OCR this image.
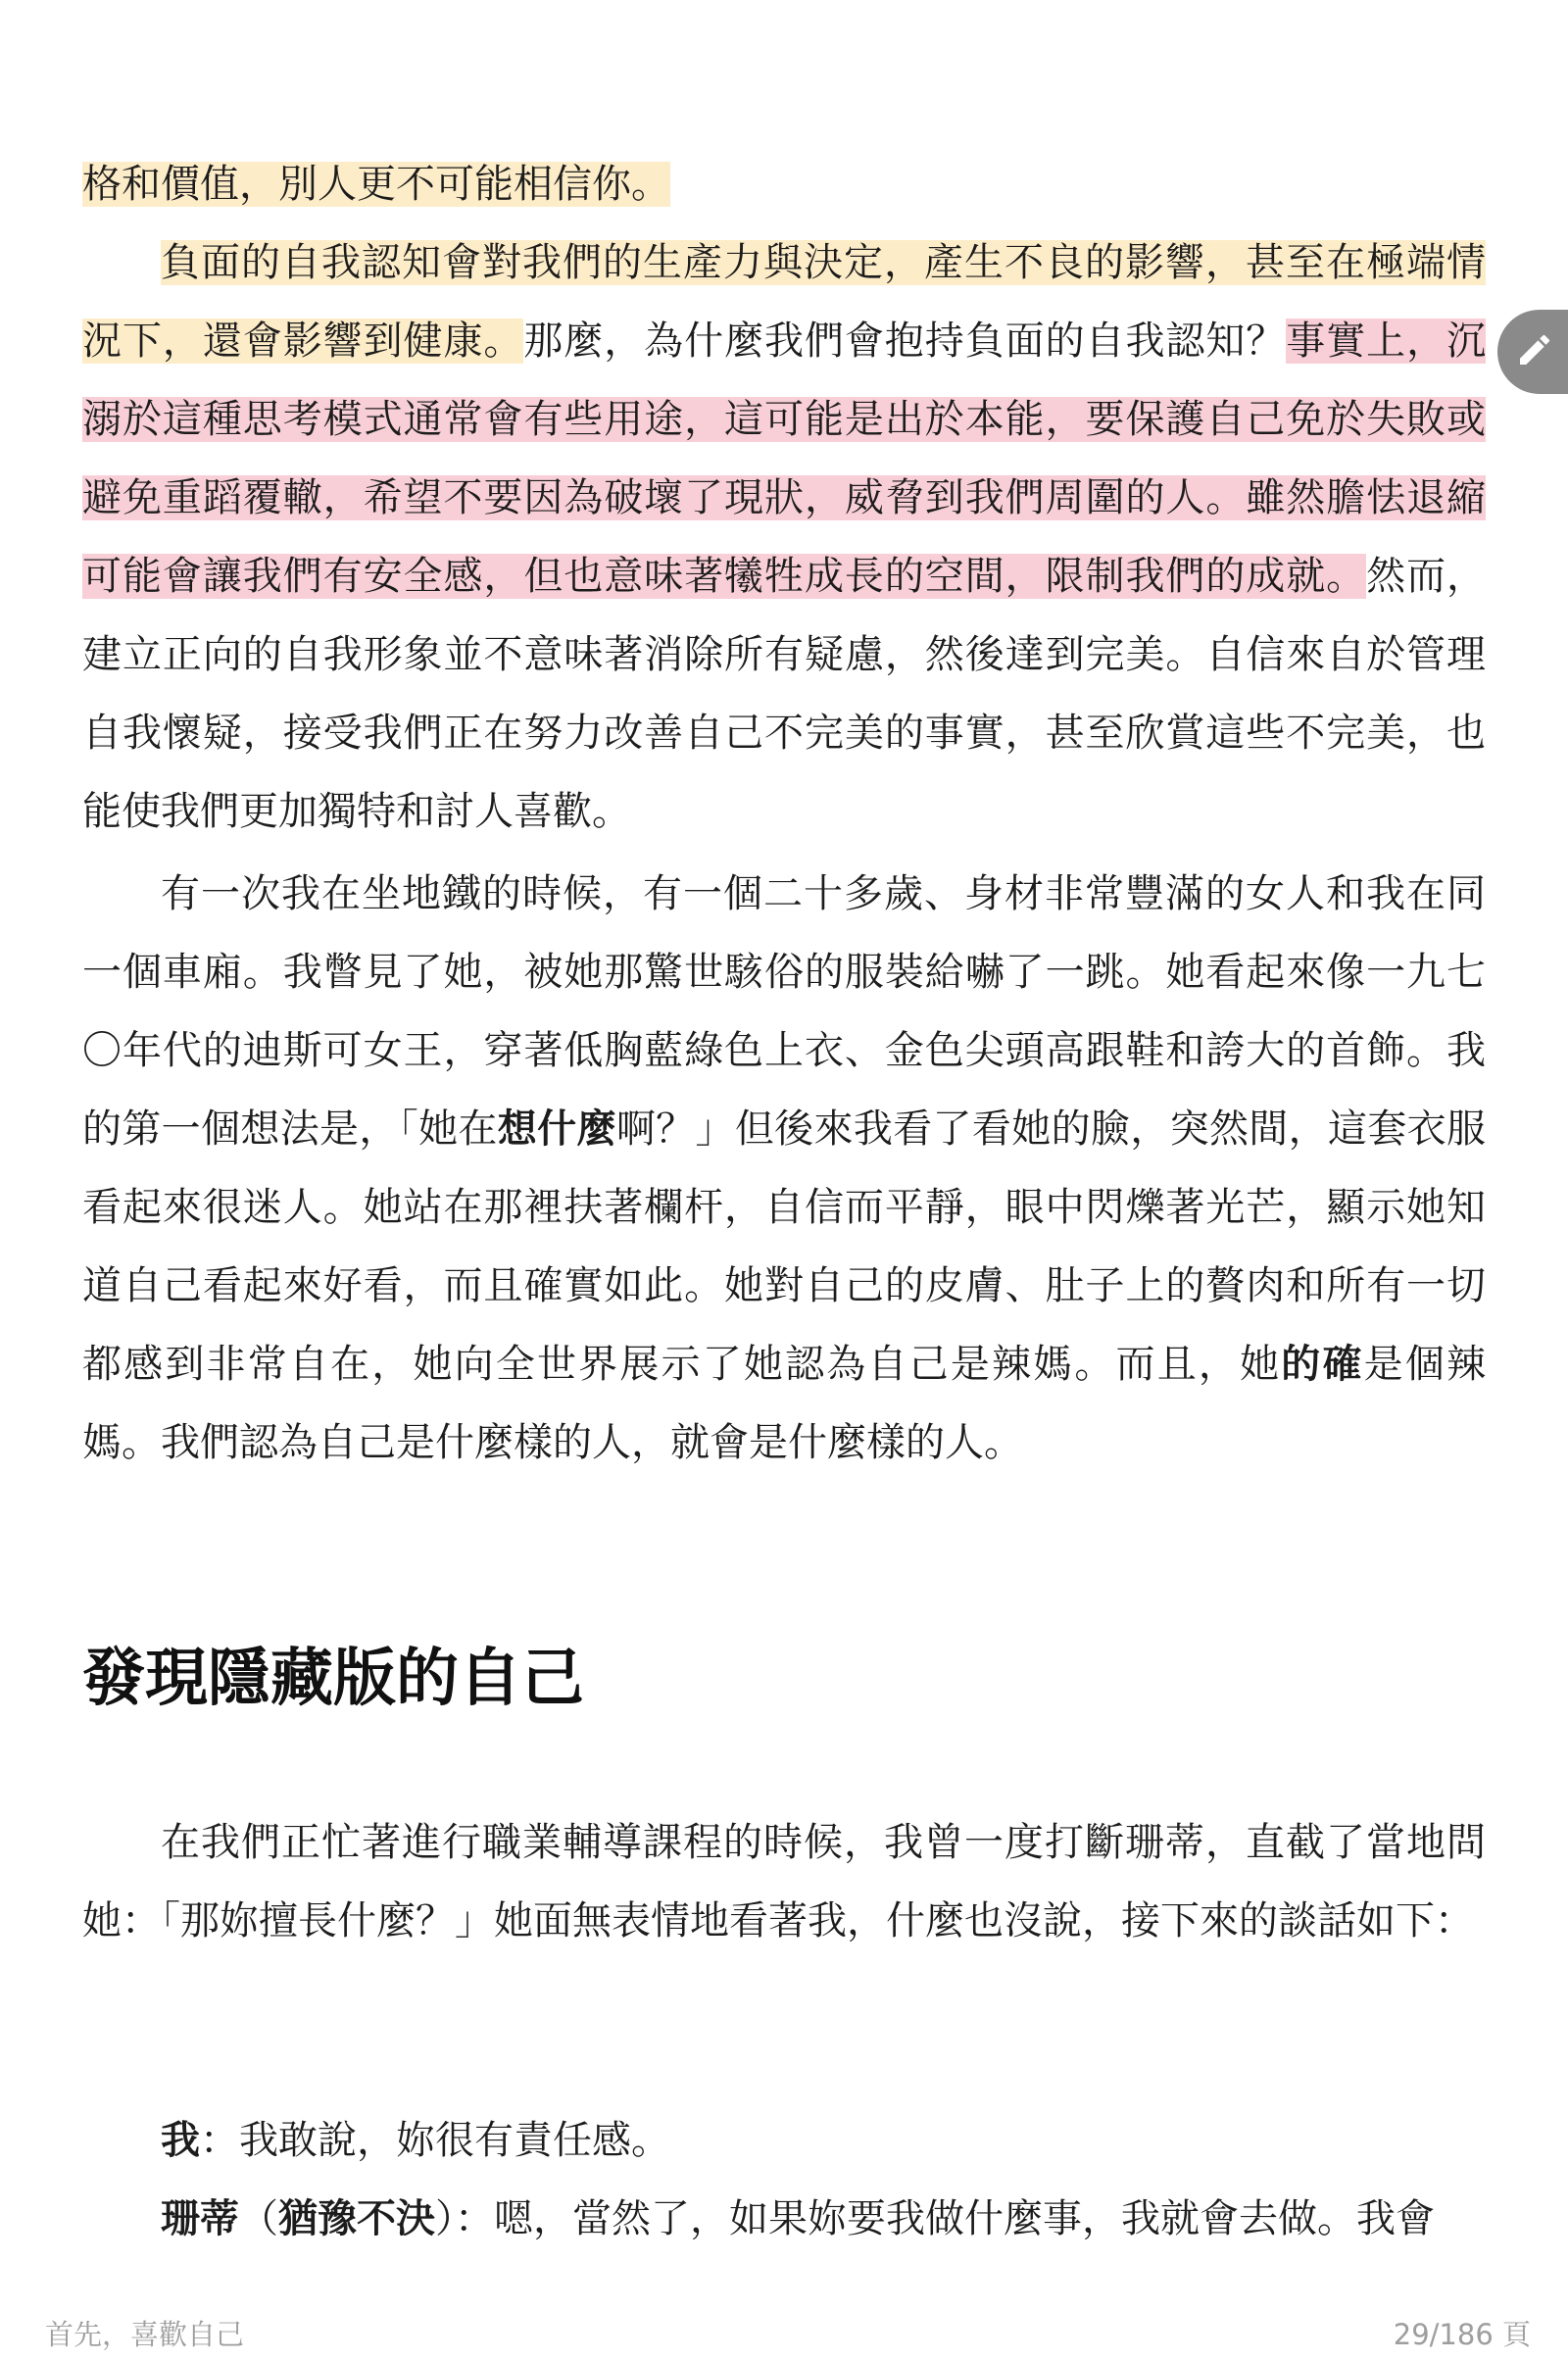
格和價值，別人更不可能相信你。

負面的自我認知會對我們的生產力與決定，產生不良的影響，甚至在極端情況下，還會影響到健康。那麼，為什麼我們會抱持負面的自我認知？事實上，沉溺於這種思考模式通常會有些用途，這可能是出於本能，要保護自己免於失敗或避免重蹈覆轍，希望不要因為破壞了現狀，威脅到我們周圍的人。雖然膽怯退縮可能會讓我們有安全感，但也意味著犧牲成長的空間，限制我們的成就。然而，建立正向的自我形象並不意味著消除所有疑慮，然後達到完美。自信來自於管理自我懷疑，接受我們正在努力改善自己不完美的事實，甚至欣賞這些不完美，也能使我們更加獨特和討人喜歡。

有一次我在坐地鐵的時候，有一個二十多歲、身材非常豐滿的女人和我在同一個車廂。我瞥見了她，被她那驚世駭俗的服裝給嚇了一跳。她看起來像一九七〇年代的迪斯可女王，穿著低胸藍綠色上衣、金色尖頭高跟鞋和誇大的首飾。我的第一個想法是，「她在想什麼啊？」但後來我看了看她的臉，突然間，這套衣服看起來很迷人。她站在那裡扶著欄杆，自信而平靜，眼中閃爍著光芒，顯示她知道自己看起來好看，而且確實如此。她對自己的皮膚、肚子上的贅肉和所有一切都感到非常自在，她向全世界展示了她認為自己是辣媽。而且，她的確是個辣媽。我們認為自己是什麼樣的人，就會是什麼樣的人。

發現隱藏版的自己

在我們正忙著進行職業輔導課程的時候，我曾一度打斷珊蒂，直截了當地問她：「那妳擅長什麼？」她面無表情地看著我，什麼也沒說，接下來的談話如下：

我：我敢說，妳很有責任感。

珊蒂（猶豫不決）：嗯，當然了，如果妳要我做什麼事，我就會去做。我會

首先，喜歡自己	29/186 頁
